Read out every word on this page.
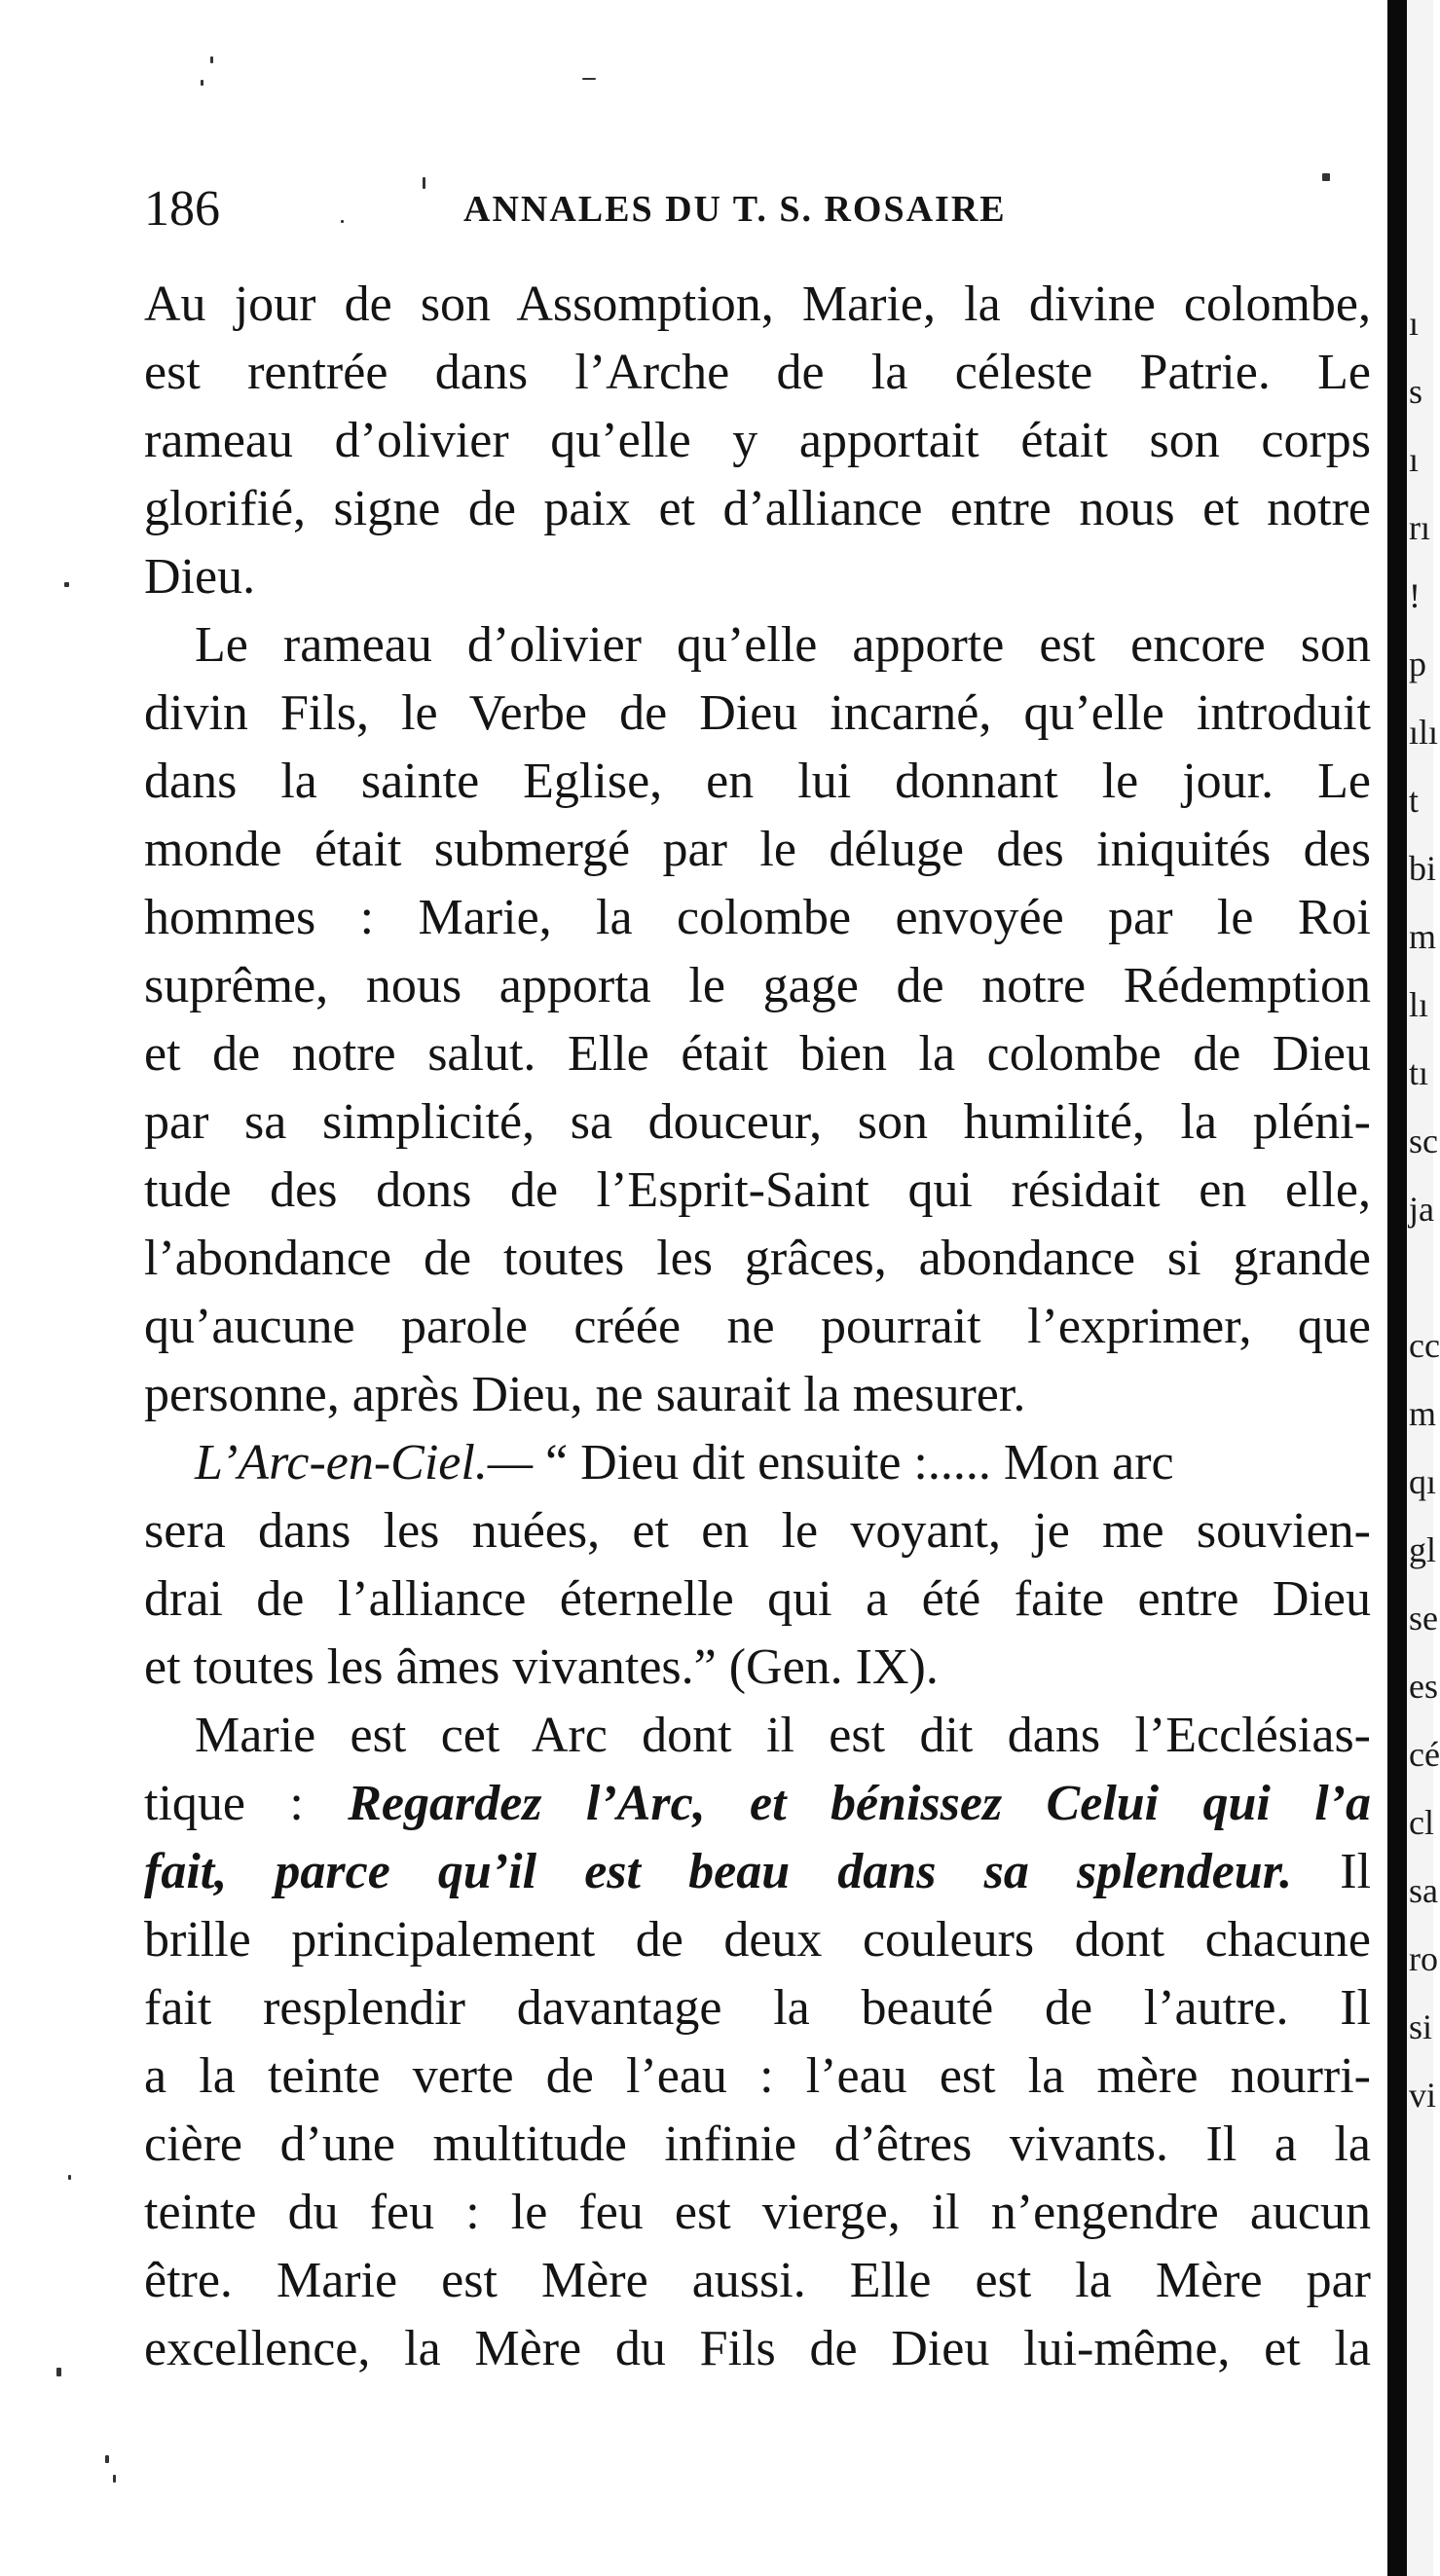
186	ANNALES DU T. S. ROSAIRE
Au jour de son Assomption, Marie, la divine colombe,
est rentrée dans l’Arche de la céleste Patrie. Le
rameau d’olivier qu’elle y apportait était son corps
glorifié, signe de paix et d’alliance entre nous et notre
Dieu.
Le rameau d’olivier qu’elle apporte est encore son
divin Fils, le Verbe de Dieu incarné, qu’elle introduit
dans la sainte Eglise, en lui donnant le jour. Le
monde était submergé par le déluge des iniquités des
hommes : Marie, la colombe envoyée par le Roi
suprême, nous apporta le gage de notre Rédemption
et de notre salut. Elle était bien la colombe de Dieu
par sa simplicité, sa douceur, son humilité, la pléni-
tude des dons de l’Esprit-Saint qui résidait en elle,
l’abondance de toutes les grâces, abondance si grande
qu’aucune parole créée ne pourrait l’exprimer, que
personne, après Dieu, ne saurait la mesurer.
L’Arc-en-Ciel.— “ Dieu dit ensuite :..... Mon arc
sera dans les nuées, et en le voyant, je me souvien-
drai de l’alliance éternelle qui a été faite entre Dieu
et toutes les âmes vivantes.” (Gen. IX).
Marie est cet Arc dont il est dit dans l’Ecclésias-
tique : Regardez l’Arc, et bénissez Celui qui l’a
fait, parce qu’il est beau dans sa splendeur. Il
brille principalement de deux couleurs dont chacune
fait resplendir davantage la beauté de l’autre. Il
a la teinte verte de l’eau : l’eau est la mère nourri-
cière d’une multitude infinie d’êtres vivants. Il a la
teinte du feu : le feu est vierge, il n’engendre aucun
être. Marie est Mère aussi. Elle est la Mère par
excellence, la Mère du Fils de Dieu lui-même, et la
ı
s
ı
rı
!
p
ılı
t
bi
m
lı
tı
sc
ja
cc
m
qı
gl
se
es
cé
cl
sa
ro
si
vi
